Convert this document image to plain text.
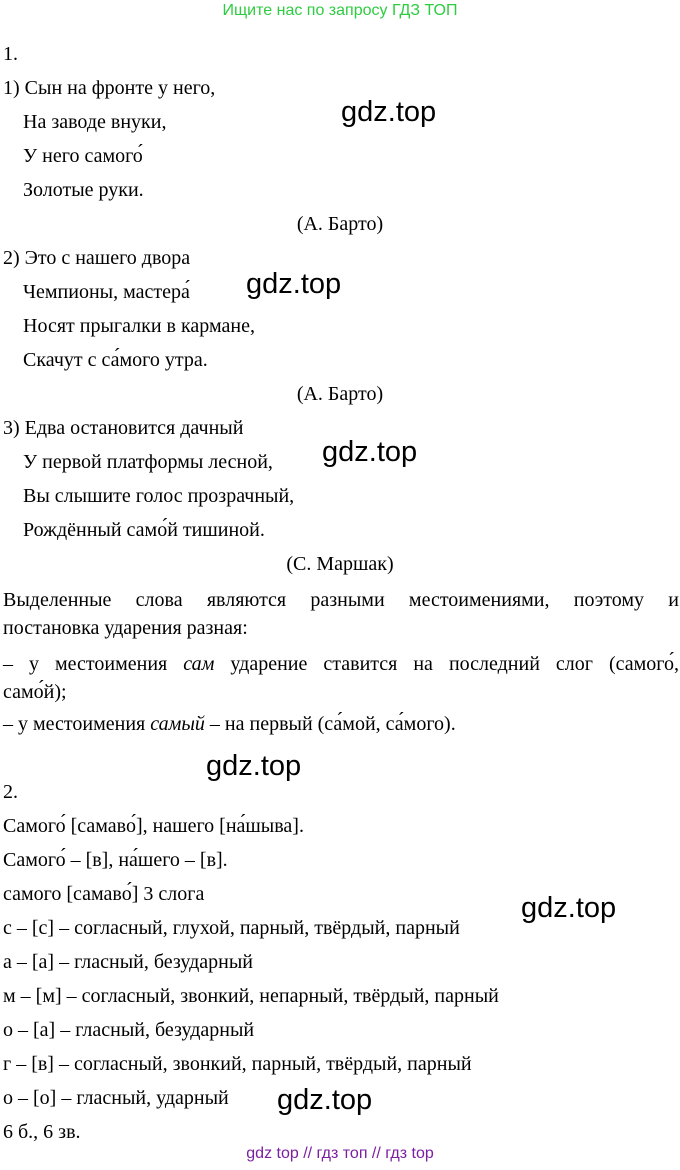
Ищите нас по запросу ГДЗ ТОП
1.
1) Сын на фронте у него,
На заводе внуки,
У него самого́
Золотые руки.
(А. Барто)
2) Это с нашего двора
Чемпионы, мастера́
Носят прыгалки в кармане,
Скачут с са́мого утра.
(А. Барто)
3) Едва остановится дачный
У первой платформы лесной,
Вы слышите голос прозрачный,
Рождённый само́й тишиной.
(С. Маршак)
Выделенные слова являются разными местоимениями, поэтому и
постановка ударения разная:
– у местоимения сам ударение ставится на последний слог (самого́,
само́й);
– у местоимения самый – на первый (са́мой, са́мого).
2.
Самого́ [самаво́], нашего [на́шыва].
Самого́ – [в], на́шего – [в].
самого [самаво́] 3 слога
с – [с] – согласный, глухой, парный, твёрдый, парный
а – [а] – гласный, безударный
м – [м] – согласный, звонкий, непарный, твёрдый, парный
о – [а] – гласный, безударный
г – [в] – согласный, звонкий, парный, твёрдый, парный
о – [о] – гласный, ударный
6 б., 6 зв.
gdz.top
gdz.top
gdz.top
gdz.top
gdz.top
gdz.top
gdz top // гдз топ // гдз top
